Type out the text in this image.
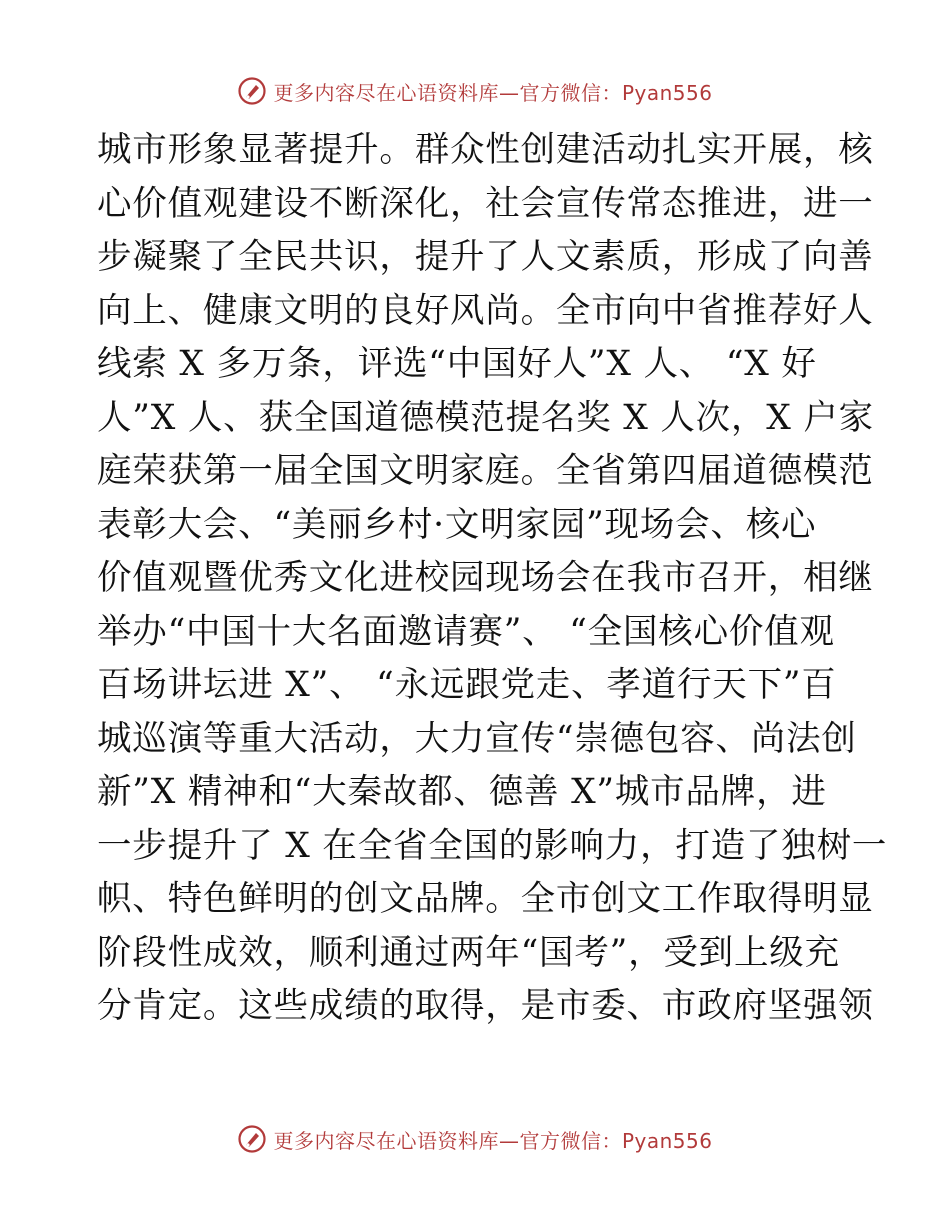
更多内容尽在心语资料库—官方微信：Pyan556
城市形象显著提升。群众性创建活动扎实开展，核
心价值观建设不断深化，社会宣传常态推进，进一
步凝聚了全民共识，提升了人文素质，形成了向善
向上、健康文明的良好风尚。全市向中省推荐好人
线索 X 多万条，评选“中国好人”X 人、 “X 好
人”X 人、获全国道德模范提名奖 X 人次，X 户家
庭荣获第一届全国文明家庭。全省第四届道德模范
表彰大会、“美丽乡村·文明家园”现场会、核心
价值观暨优秀文化进校园现场会在我市召开，相继
举办“中国十大名面邀请赛”、 “全国核心价值观
百场讲坛进 X”、 “永远跟党走、孝道行天下”百
城巡演等重大活动，大力宣传“崇德包容、尚法创
新”X 精神和“大秦故都、德善 X”城市品牌，进
一步提升了 X 在全省全国的影响力，打造了独树一
帜、特色鲜明的创文品牌。全市创文工作取得明显
阶段性成效，顺利通过两年“国考”，受到上级充
分肯定。这些成绩的取得，是市委、市政府坚强领
更多内容尽在心语资料库—官方微信：Pyan556
